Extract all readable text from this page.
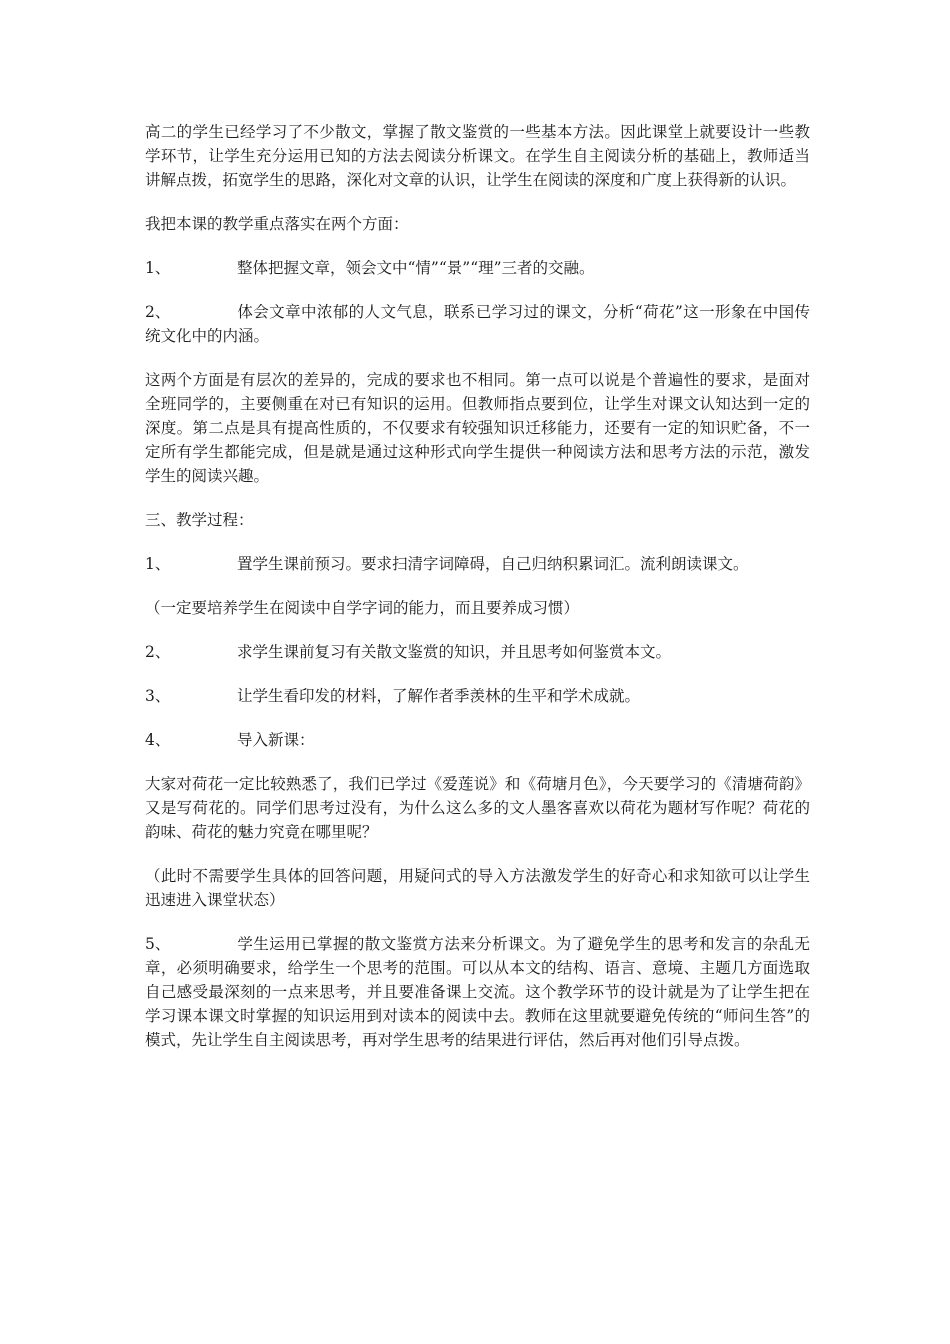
高二的学生已经学习了不少散文，掌握了散文鉴赏的一些基本方法。因此课堂上就要设计一些教学环节，让学生充分运用已知的方法去阅读分析课文。在学生自主阅读分析的基础上，教师适当讲解点拨，拓宽学生的思路，深化对文章的认识，让学生在阅读的深度和广度上获得新的认识。

我把本课的教学重点落实在两个方面：

1、	整体把握文章，领会文中“情”“景”“理”三者的交融。

2、	体会文章中浓郁的人文气息，联系已学习过的课文，分析“荷花”这一形象在中国传统文化中的内涵。

这两个方面是有层次的差异的，完成的要求也不相同。第一点可以说是个普遍性的要求，是面对全班同学的，主要侧重在对已有知识的运用。但教师指点要到位，让学生对课文认知达到一定的深度。第二点是具有提高性质的，不仅要求有较强知识迁移能力，还要有一定的知识贮备，不一定所有学生都能完成，但是就是通过这种形式向学生提供一种阅读方法和思考方法的示范，激发学生的阅读兴趣。

三、教学过程：

1、	置学生课前预习。要求扫清字词障碍，自己归纳积累词汇。流利朗读课文。

（一定要培养学生在阅读中自学字词的能力，而且要养成习惯）

2、	求学生课前复习有关散文鉴赏的知识，并且思考如何鉴赏本文。

3、	让学生看印发的材料，了解作者季羡林的生平和学术成就。

4、	导入新课：

大家对荷花一定比较熟悉了，我们已学过《爱莲说》和《荷塘月色》，今天要学习的《清塘荷韵》又是写荷花的。同学们思考过没有，为什么这么多的文人墨客喜欢以荷花为题材写作呢？荷花的韵味、荷花的魅力究竟在哪里呢？

（此时不需要学生具体的回答问题，用疑问式的导入方法激发学生的好奇心和求知欲可以让学生迅速进入课堂状态）

5、	学生运用已掌握的散文鉴赏方法来分析课文。为了避免学生的思考和发言的杂乱无章，必须明确要求，给学生一个思考的范围。可以从本文的结构、语言、意境、主题几方面选取自己感受最深刻的一点来思考，并且要准备课上交流。这个教学环节的设计就是为了让学生把在学习课本课文时掌握的知识运用到对读本的阅读中去。教师在这里就要避免传统的“师问生答”的模式，先让学生自主阅读思考，再对学生思考的结果进行评估，然后再对他们引导点拨。
